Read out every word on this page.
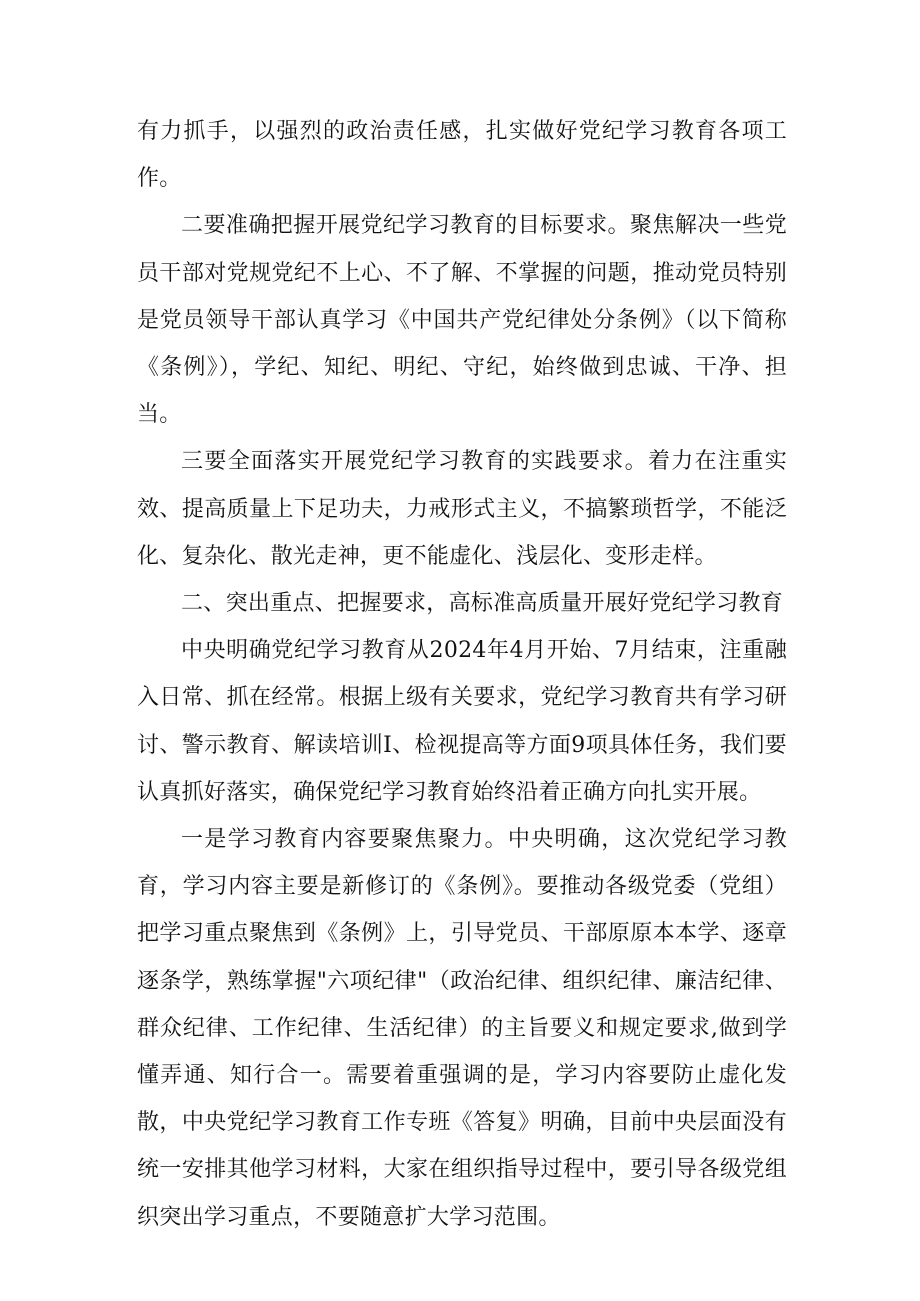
有力抓手，以强烈的政治责任感，扎实做好党纪学习教育各项工作。

二要准确把握开展党纪学习教育的目标要求。聚焦解决一些党员干部对党规党纪不上心、不了解、不掌握的问题，推动党员特别是党员领导干部认真学习《中国共产党纪律处分条例》（以下简称《条例》），学纪、知纪、明纪、守纪，始终做到忠诚、干净、担当。

三要全面落实开展党纪学习教育的实践要求。着力在注重实效、提高质量上下足功夫，力戒形式主义，不搞繁琐哲学，不能泛化、复杂化、散光走神，更不能虚化、浅层化、变形走样。

二、突出重点、把握要求，高标准高质量开展好党纪学习教育

中央明确党纪学习教育从2024年4月开始、7月结束，注重融入日常、抓在经常。根据上级有关要求，党纪学习教育共有学习研讨、警示教育、解读培训I、检视提高等方面9项具体任务，我们要认真抓好落实，确保党纪学习教育始终沿着正确方向扎实开展。

一是学习教育内容要聚焦聚力。中央明确，这次党纪学习教育，学习内容主要是新修订的《条例》。要推动各级党委（党组）把学习重点聚焦到《条例》上，引导党员、干部原原本本学、逐章逐条学，熟练掌握"六项纪律"（政治纪律、组织纪律、廉洁纪律、群众纪律、工作纪律、生活纪律）的主旨要义和规定要求,做到学懂弄通、知行合一。需要着重强调的是，学习内容要防止虚化发散，中央党纪学习教育工作专班《答复》明确，目前中央层面没有统一安排其他学习材料，大家在组织指导过程中，要引导各级党组织突出学习重点，不要随意扩大学习范围。
